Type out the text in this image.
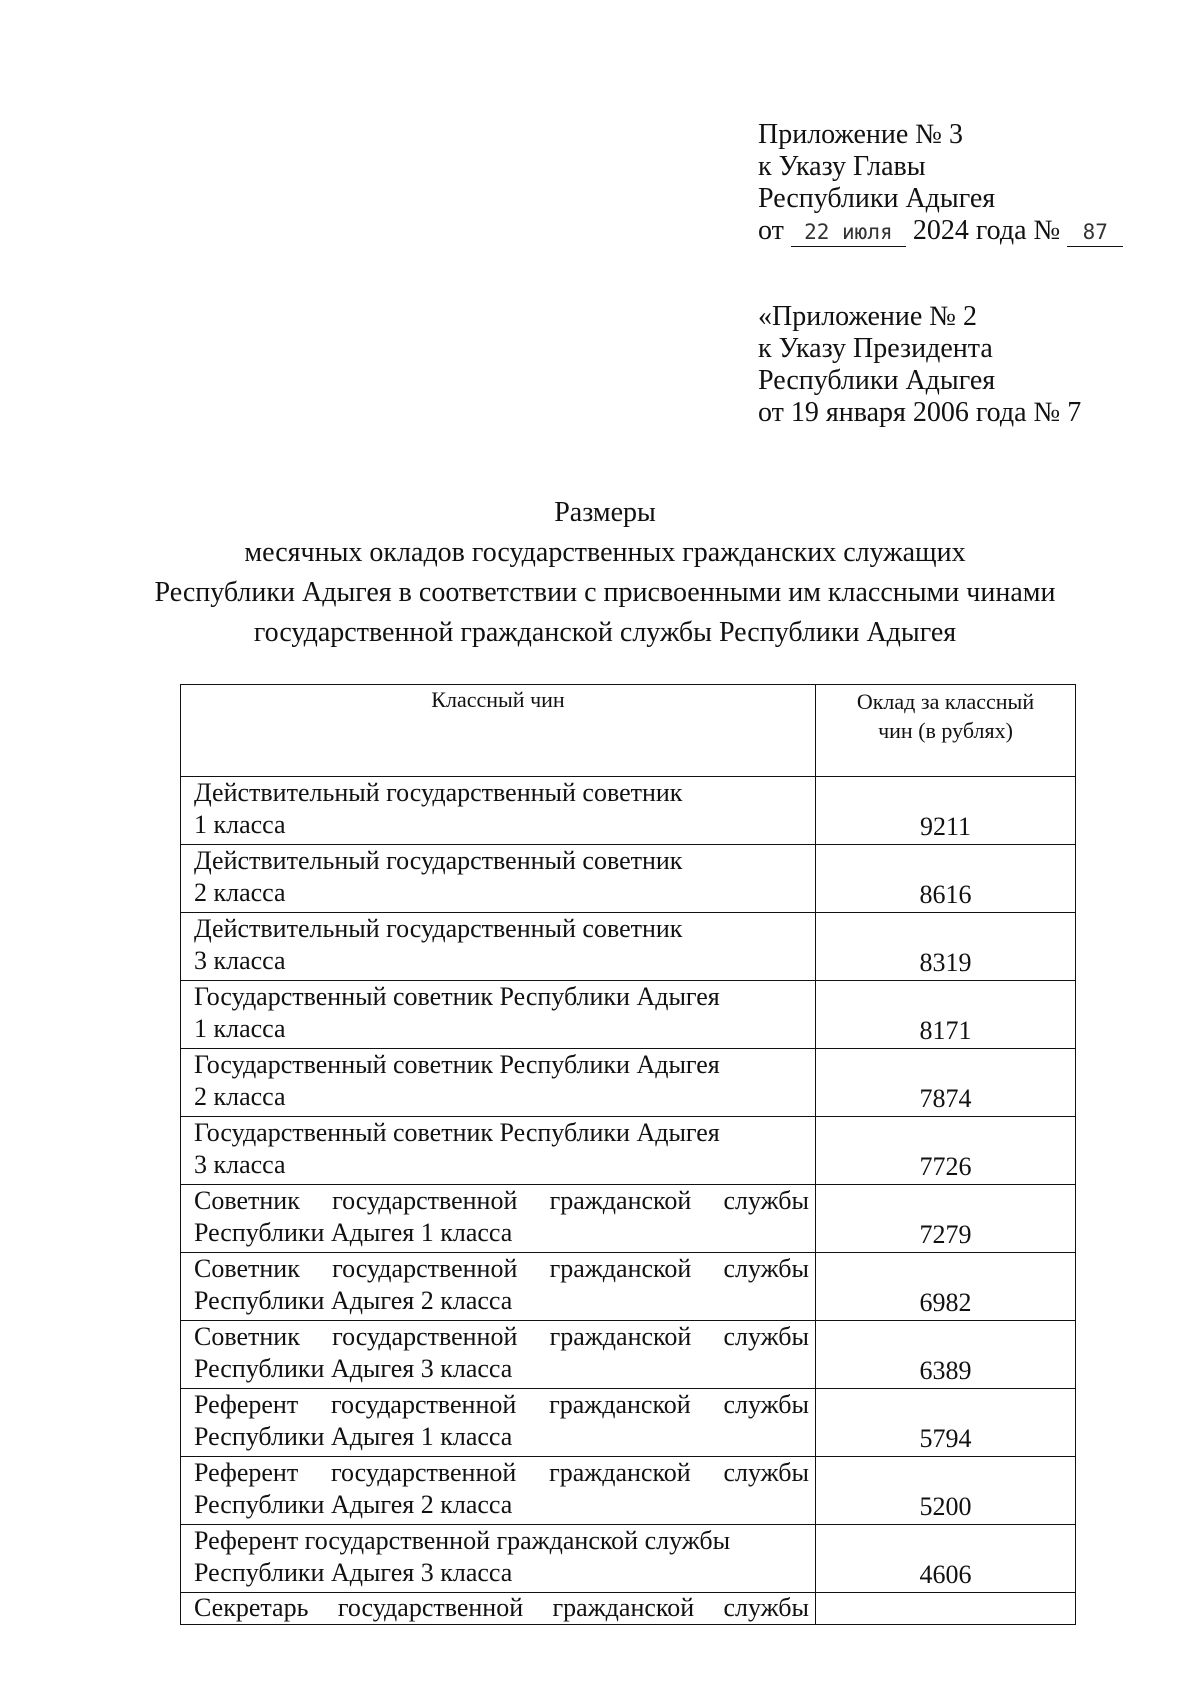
Приложение № 3
к Указу Главы
Республики Адыгея
от 22 июля 2024 года № 87
«Приложение № 2
к Указу Президента
Республики Адыгея
от 19 января 2006 года № 7
Размеры
месячных окладов государственных гражданских служащих
Республики Адыгея в соответствии с присвоенными им классными чинами
государственной гражданской службы Республики Адыгея
Классный чин	Оклад за классный
чин (в рублях)

Действительный государственный советник
1 класса	9211

Действительный государственный советник
2 класса	8616

Действительный государственный советник
3 класса	8319

Государственный советник Республики Адыгея
1 класса	8171

Государственный советник Республики Адыгея
2 класса	7874

Государственный советник Республики Адыгея
3 класса	7726

Советник государственной гражданской службы
Республики Адыгея 1 класса	7279

Советник государственной гражданской службы
Республики Адыгея 2 класса	6982

Советник государственной гражданской службы
Республики Адыгея 3 класса	6389

Референт государственной гражданской службы
Республики Адыгея 1 класса	5794

Референт государственной гражданской службы
Республики Адыгея 2 класса	5200

Референт государственной гражданской службы
Республики Адыгея 3 класса	4606

Секретарь государственной гражданской службы	
